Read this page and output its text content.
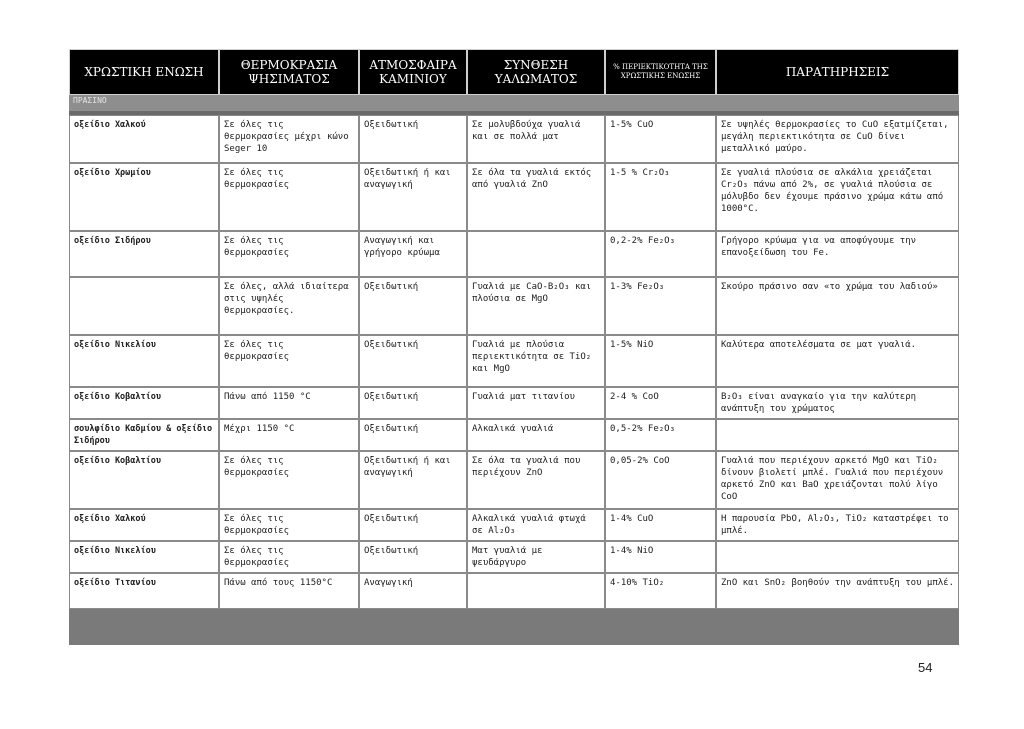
ΧΡΩΣΤΙΚΗ ΕΝΩΣΗ	ΘΕΡΜΟΚΡΑΣΙΑ ΨΗΣΙΜΑΤΟΣ	ΑΤΜΟΣΦΑΙΡΑ ΚΑΜΙΝΙΟΥ	ΣΥΝΘΕΣΗ ΥΑΛΩΜΑΤΟΣ	% ΠΕΡΙΕΚΤΙΚΟΤΗΤΑ ΤΗΣ ΧΡΩΣΤΙΚΗΣ ΕΝΩΣΗΣ	ΠΑΡΑΤΗΡΗΣΕΙΣ
ΠΡΑΣΙΝΟ					
οξείδιο Χαλκού	Σε όλες τις θερμοκρασίες μέχρι κώνο Seger 10	Οξειδωτική	Σε μολυβδούχα γυαλιά και σε πολλά ματ	1-5% CuO	Σε υψηλές θερμοκρασίες το CuO εξατμίζεται, μεγάλη περιεκτικότητα σε CuO δίνει μεταλλικό μαύρο.
οξείδιο Χρωμίου	Σε όλες τις θερμοκρασίες	Οξειδωτική ή και αναγωγική	Σε όλα τα γυαλιά εκτός από γυαλιά ZnO	1-5 % Cr₂O₃	Σε γυαλιά πλούσια σε αλκάλια χρειάζεται Cr₂O₃ πάνω από 2%, σε γυαλιά πλούσια σε μόλυβδο δεν έχουμε πράσινο χρώμα κάτω από 1000°C.
οξείδιο Σιδήρου	Σε όλες τις θερμοκρασίες	Αναγωγική και γρήγορο κρύωμα		0,2-2% Fe₂O₃	Γρήγορο κρύωμα για να αποφύγουμε την επανοξείδωση του Fe.
	Σε όλες, αλλά ιδιαίτερα στις υψηλές θερμοκρασίες.	Οξειδωτική	Γυαλιά με CaO-B₂O₃ και πλούσια σε MgO	1-3% Fe₂O₃	Σκούρο πράσινο σαν «το χρώμα του λαδιού»
οξείδιο Νικελίου	Σε όλες τις θερμοκρασίες	Οξειδωτική	Γυαλιά με πλούσια περιεκτικότητα σε TiO₂ και MgO	1-5% NiO	Καλύτερα αποτελέσματα σε ματ γυαλιά.
οξείδιο Κοβαλτίου	Πάνω από 1150 °C	Οξειδωτική	Γυαλιά ματ τιτανίου	2-4 % CoO	B₂O₃ είναι αναγκαίο για την καλύτερη ανάπτυξη του χρώματος
σουλφίδιο Καδμίου & οξείδιο Σιδήρου	Μέχρι 1150 °C	Οξειδωτική	Αλκαλικά γυαλιά	0,5-2% Fe₂O₃	
οξείδιο Κοβαλτίου	Σε όλες τις θερμοκρασίες	Οξειδωτική ή και αναγωγική	Σε όλα τα γυαλιά που περιέχουν ZnO	0,05-2% CoO	Γυαλιά που περιέχουν αρκετό MgO και TiO₂ δίνουν βιολετί μπλέ. Γυαλιά που περιέχουν αρκετό ZnO και BaO χρειάζονται πολύ λίγο CoO
οξείδιο Χαλκού	Σε όλες τις θερμοκρασίες	Οξειδωτική	Αλκαλικά γυαλιά φτωχά σε Al₂O₃	1-4% CuO	Η παρουσία PbO, Al₂O₃, TiO₂ καταστρέφει το μπλέ.
οξείδιο Νικελίου	Σε όλες τις θερμοκρασίες	Οξειδωτική	Ματ γυαλιά με ψευδάργυρο	1-4% NiO	
οξείδιο Τιτανίου	Πάνω από τους 1150°C	Αναγωγική		4-10% TiO₂	ZnO και SnO₂ βοηθούν την ανάπτυξη του μπλέ.
54
